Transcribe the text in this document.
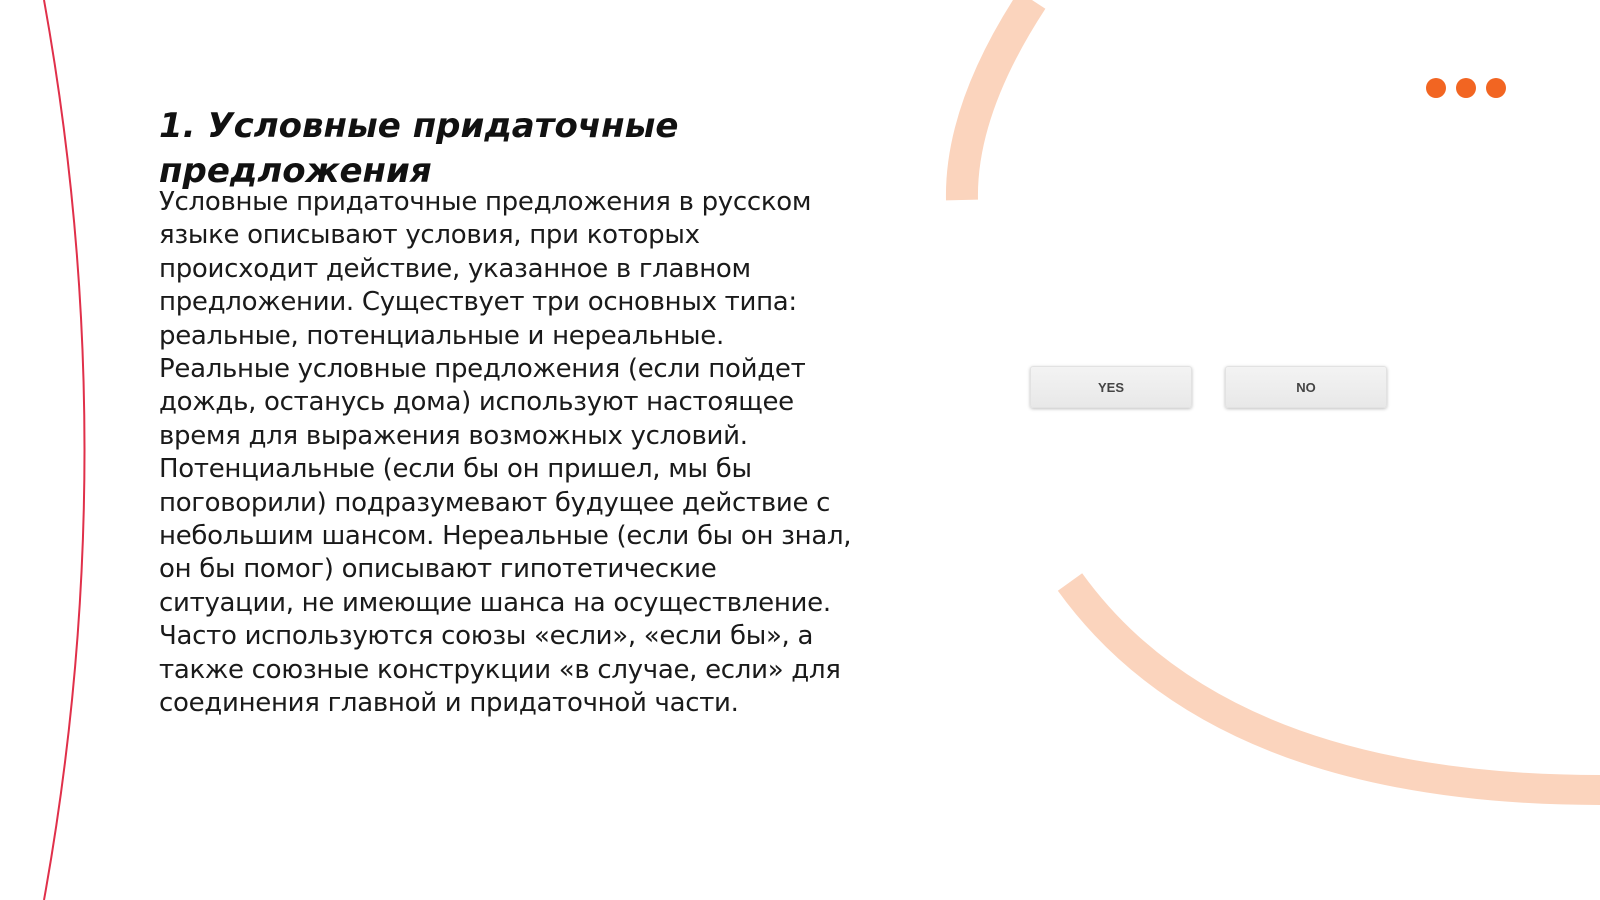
1. Условные придаточные предложения

Условные придаточные предложения в русском языке описывают условия, при которых происходит действие, указанное в главном предложении. Существует три основных типа: реальные, потенциальные и нереальные. Реальные условные предложения (если пойдет дождь, останусь дома) используют настоящее время для выражения возможных условий. Потенциальные (если бы он пришел, мы бы поговорили) подразумевают будущее действие с небольшим шансом. Нереальные (если бы он знал, он бы помог) описывают гипотетические ситуации, не имеющие шанса на осуществление. Часто используются союзы «если», «если бы», а также союзные конструкции «в случае, если» для соединения главной и придаточной части.

YES	NO
